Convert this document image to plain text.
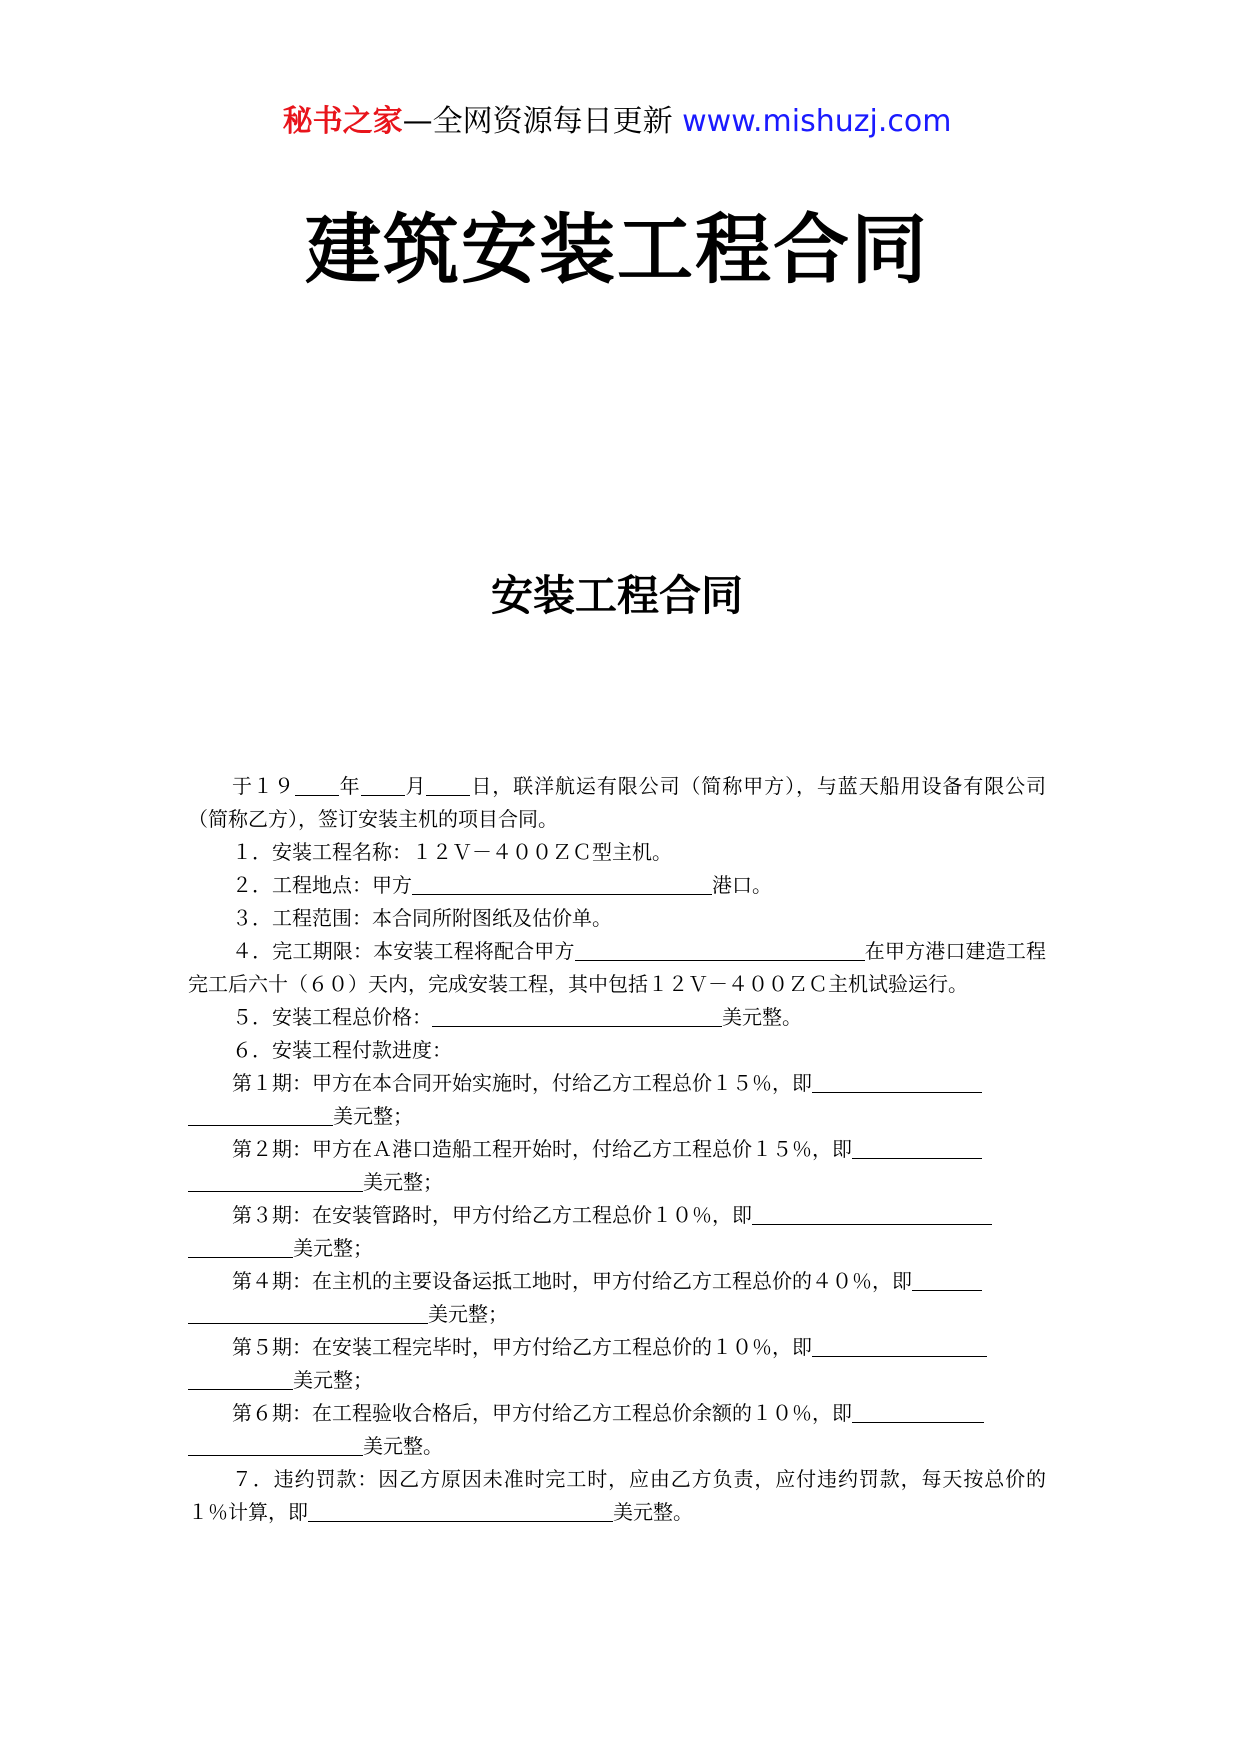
秘书之家—全网资源每日更新 www.mishuzj.com
建筑安装工程合同
安装工程合同

于１９ 年 月 日，联洋航运有限公司（简称甲方），与蓝天船用设备有限公司（简称乙方），签订安装主机的项目合同。

１．安装工程名称：１２Ｖ－４００ＺＣ型主机。

２．工程地点：甲方	港口。

３．工程范围：本合同所附图纸及估价单。

４．完工期限：本安装工程将配合甲方	在甲方港口建造工程完工后六十（６０）天内，完成安装工程，其中包括１２Ｖ－４００ＺＣ主机试验运行。

５．安装工程总价格：	美元整。

６．安装工程付款进度：

第１期：甲方在本合同开始实施时，付给乙方工程总价１５％，即

美元整；

第２期：甲方在Ａ港口造船工程开始时，付给乙方工程总价１５％，即

美元整；

第３期：在安装管路时，甲方付给乙方工程总价１０％，即

美元整；

第４期：在主机的主要设备运抵工地时，甲方付给乙方工程总价的４０％，即

美元整；

第５期：在安装工程完毕时，甲方付给乙方工程总价的１０％，即

美元整；

第６期：在工程验收合格后，甲方付给乙方工程总价余额的１０％，即

美元整。

７．违约罚款：因乙方原因未准时完工时，应由乙方负责，应付违约罚款，每天按总价的１％计算，即	美元整。
